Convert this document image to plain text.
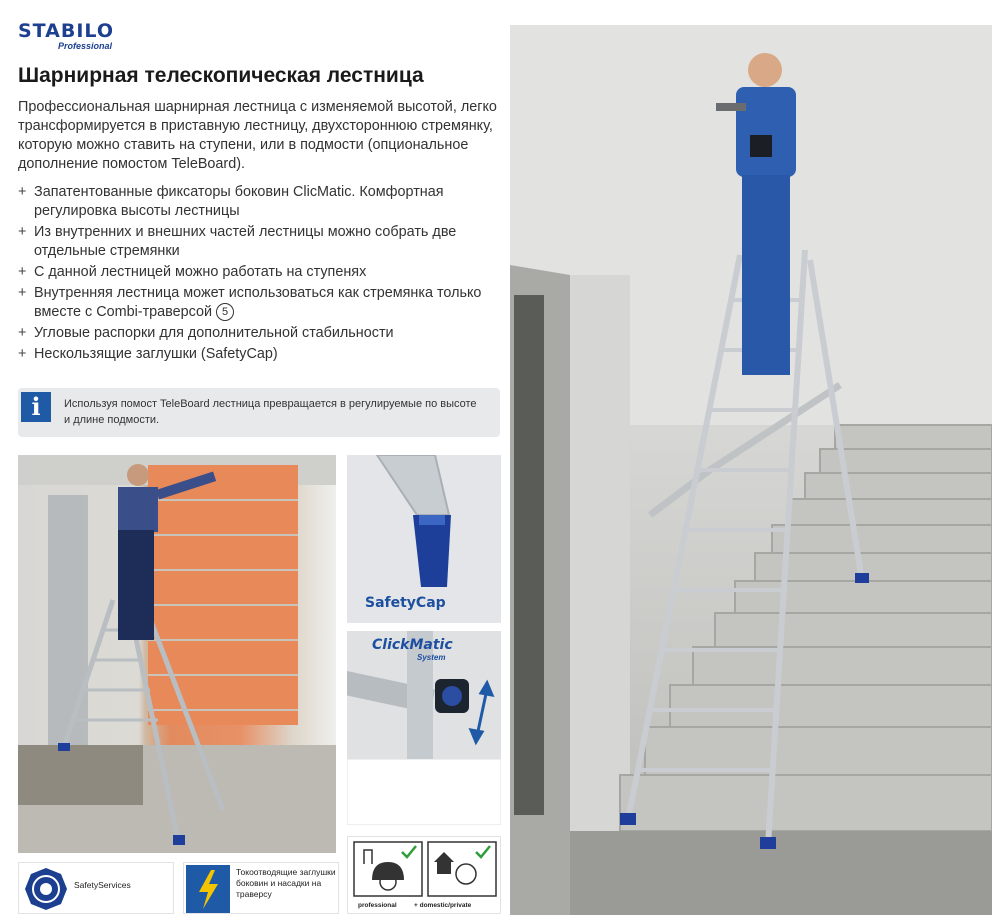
STABILO
Professional
Шарнирная телескопическая лестница

Профессиональная шарнирная лестница с изменяемой высотой, легко трансформируется в приставную лестницу, двухстороннюю стремянку, которую можно ставить на ступени, или в подмости (опциональное дополнение помостом TeleBoard).

+ Запатентованные фиксаторы боковин ClicMatic. Комфортная регулировка высоты лестницы
+ Из внутренних и внешних частей лестницы можно собрать две отдельные стремянки
+ С данной лестницей можно работать на ступенях
+ Внутренняя лестница может использоваться как стремянка только вместе с Combi-траверсой 5
+ Угловые распорки для дополнительной стабильности
+ Нескользящие заглушки (SafetyCap)
i	Используя помост TeleBoard лестница превращается в регулируемые по высоте и длине подмости.
SafetyCap
ClickMatic
System
SafetyServices
Токоотводящие заглушки боковин и насадки на траверсу
professional	+ domestic/private
